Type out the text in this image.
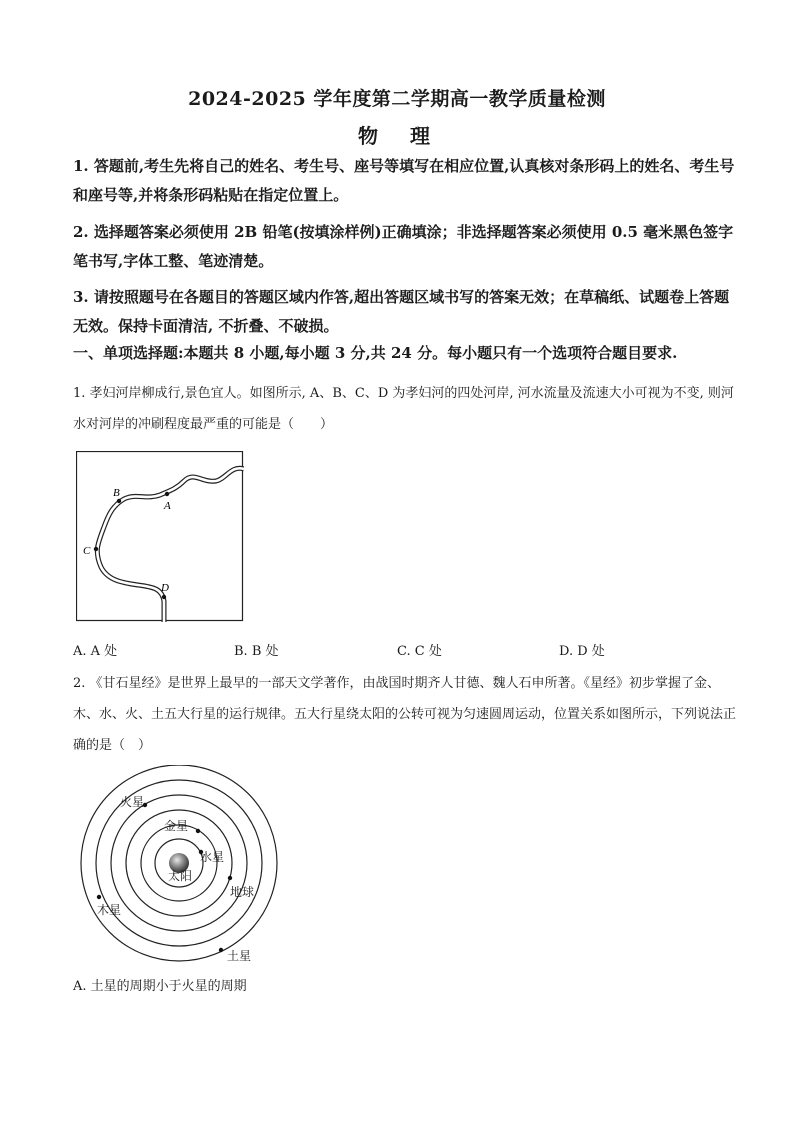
2024-2025 学年度第二学期高一教学质量检测
物　理
1. 答题前,考生先将自己的姓名、考生号、座号等填写在相应位置,认真核对条形码上的姓名、考生号和座号等,并将条形码粘贴在指定位置上。
2. 选择题答案必须使用 2B 铅笔(按填涂样例)正确填涂；非选择题答案必须使用 0.5 毫米黑色签字笔书写,字体工整、笔迹清楚。
3. 请按照题号在各题目的答题区域内作答,超出答题区域书写的答案无效；在草稿纸、试题卷上答题无效。保持卡面清洁, 不折叠、不破损。
一、单项选择题:本题共 8 小题,每小题 3 分,共 24 分。每小题只有一个选项符合题目要求.
1. 孝妇河岸柳成行,景色宜人。如图所示, A、B、C、D 为孝妇河的四处河岸, 河水流量及流速大小可视为不变, 则河水对河岸的冲刷程度最严重的可能是（　　）
A
B
C
D
A. A 处	B. B 处	C. C 处	D. D 处
2. 《甘石星经》是世界上最早的一部天文学著作，由战国时期齐人甘德、魏人石申所著。《星经》初步掌握了金、木、水、火、土五大行星的运行规律。五大行星绕太阳的公转可视为匀速圆周运动，位置关系如图所示，下列说法正确的是（　）
太阳
水星
金星
地球
火星
木星
土星
A. 土星的周期小于火星的周期
